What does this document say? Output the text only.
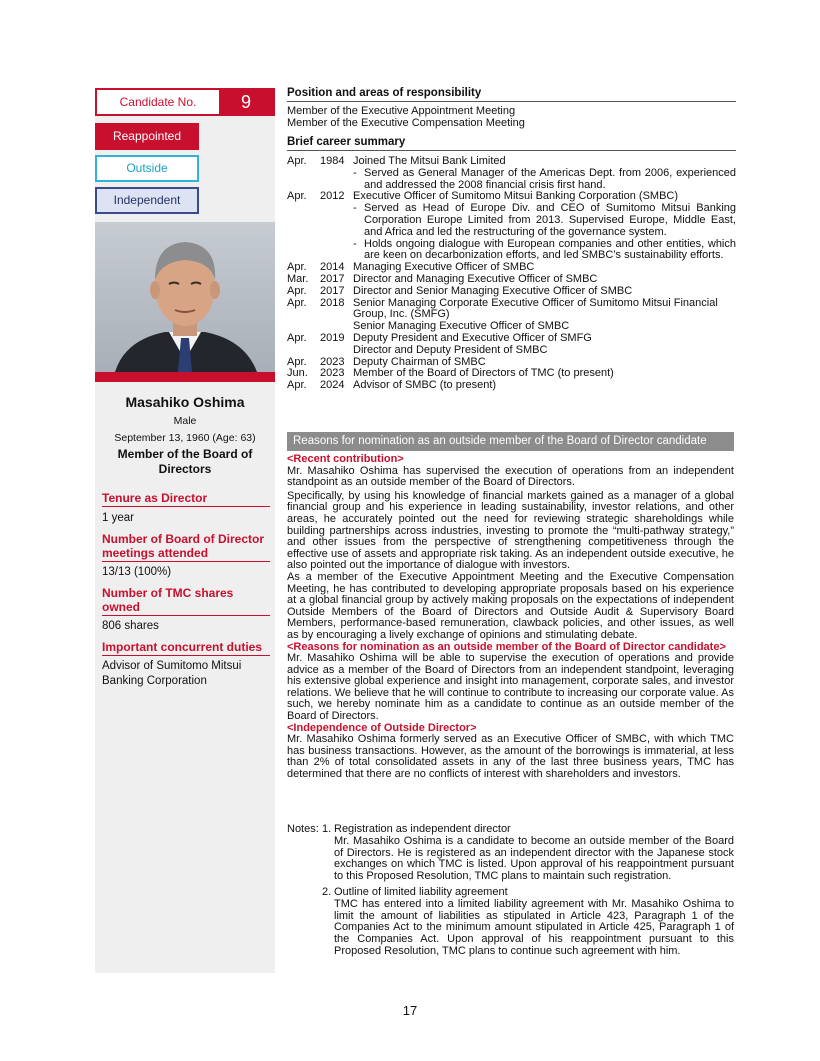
Candidate No.	9
Reappointed
Outside
Independent
Masahiko Oshima
Male
September 13, 1960 (Age: 63)
Member of the Board of Directors
Tenure as Director
1 year
Number of Board of Director meetings attended
13/13 (100%)
Number of TMC shares owned
806 shares
Important concurrent duties
Advisor of Sumitomo Mitsui Banking Corporation
Position and areas of responsibility
Member of the Executive Appointment Meeting
Member of the Executive Compensation Meeting
Brief career summary
Apr.	1984 Joined The Mitsui Bank Limited
- Served as General Manager of the Americas Dept. from 2006, experienced and addressed the 2008 financial crisis first hand.
Apr.	2012 Executive Officer of Sumitomo Mitsui Banking Corporation (SMBC)
- Served as Head of Europe Div. and CEO of Sumitomo Mitsui Banking Corporation Europe Limited from 2013. Supervised Europe, Middle East, and Africa and led the restructuring of the governance system.
- Holds ongoing dialogue with European companies and other entities, which are keen on decarbonization efforts, and led SMBC’s sustainability efforts.
Apr.	2014 Managing Executive Officer of SMBC
Mar.	2017 Director and Managing Executive Officer of SMBC
Apr.	2017 Director and Senior Managing Executive Officer of SMBC
Apr.	2018 Senior Managing Corporate Executive Officer of Sumitomo Mitsui Financial Group, Inc. (SMFG)
Senior Managing Executive Officer of SMBC
Apr.	2019 Deputy President and Executive Officer of SMFG
Director and Deputy President of SMBC
Apr.	2023 Deputy Chairman of SMBC
Jun.	2023 Member of the Board of Directors of TMC (to present)
Apr.	2024 Advisor of SMBC (to present)
Reasons for nomination as an outside member of the Board of Director candidate
<Recent contribution>
Mr. Masahiko Oshima has supervised the execution of operations from an independent standpoint as an outside member of the Board of Directors.
Specifically, by using his knowledge of financial markets gained as a manager of a global financial group and his experience in leading sustainability, investor relations, and other areas, he accurately pointed out the need for reviewing strategic shareholdings while building partnerships across industries, investing to promote the “multi-pathway strategy,” and other issues from the perspective of strengthening competitiveness through the effective use of assets and appropriate risk taking. As an independent outside executive, he also pointed out the importance of dialogue with investors.
As a member of the Executive Appointment Meeting and the Executive Compensation Meeting, he has contributed to developing appropriate proposals based on his experience at a global financial group by actively making proposals on the expectations of independent Outside Members of the Board of Directors and Outside Audit & Supervisory Board Members, performance-based remuneration, clawback policies, and other issues, as well as by encouraging a lively exchange of opinions and stimulating debate.
<Reasons for nomination as an outside member of the Board of Director candidate>
Mr. Masahiko Oshima will be able to supervise the execution of operations and provide advice as a member of the Board of Directors from an independent standpoint, leveraging his extensive global experience and insight into management, corporate sales, and investor relations. We believe that he will continue to contribute to increasing our corporate value. As such, we hereby nominate him as a candidate to continue as an outside member of the Board of Directors.
<Independence of Outside Director>
Mr. Masahiko Oshima formerly served as an Executive Officer of SMBC, with which TMC has business transactions. However, as the amount of the borrowings is immaterial, at less than 2% of total consolidated assets in any of the last three business years, TMC has determined that there are no conflicts of interest with shareholders and investors.
Notes: 1. Registration as independent director
Mr. Masahiko Oshima is a candidate to become an outside member of the Board of Directors. He is registered as an independent director with the Japanese stock exchanges on which TMC is listed. Upon approval of his reappointment pursuant to this Proposed Resolution, TMC plans to maintain such registration.
2. Outline of limited liability agreement
TMC has entered into a limited liability agreement with Mr. Masahiko Oshima to limit the amount of liabilities as stipulated in Article 423, Paragraph 1 of the Companies Act to the minimum amount stipulated in Article 425, Paragraph 1 of the Companies Act. Upon approval of his reappointment pursuant to this Proposed Resolution, TMC plans to continue such agreement with him.
17
